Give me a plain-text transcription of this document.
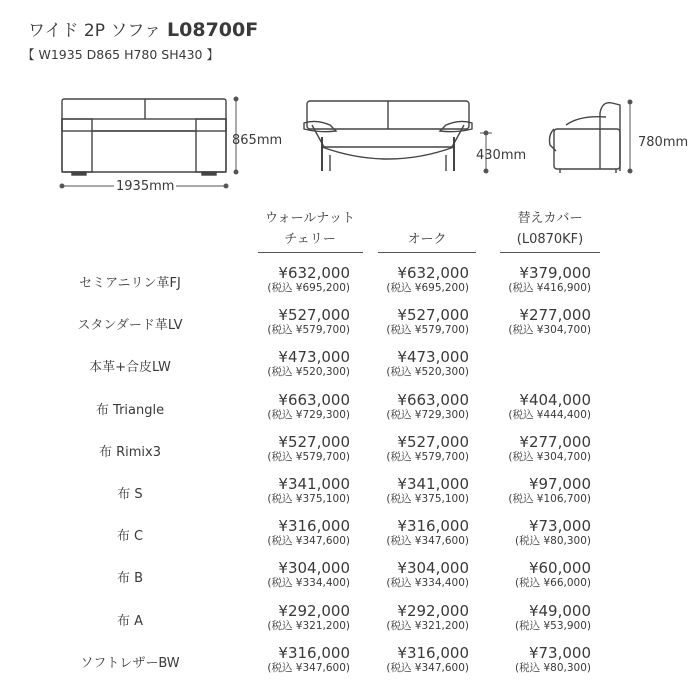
ワイド 2P ソファ L08700F
【 W1935 D865 H780 SH430 】
865mm
1935mm
430mm
780mm
ウォールナット
チェリー	オーク
替えカバー
(L0870KF)
セミアニリン革FJ
¥632,000
(税込 ¥695,200)
¥632,000
(税込 ¥695,200)
¥379,000
(税込 ¥416,900)
スタンダード革LV
¥527,000
(税込 ¥579,700)
¥527,000
(税込 ¥579,700)
¥277,000
(税込 ¥304,700)
本革+合皮LW
¥473,000
(税込 ¥520,300)
¥473,000
(税込 ¥520,300)
布 Triangle
¥663,000
(税込 ¥729,300)
¥663,000
(税込 ¥729,300)
¥404,000
(税込 ¥444,400)
布 Rimix3
¥527,000
(税込 ¥579,700)
¥527,000
(税込 ¥579,700)
¥277,000
(税込 ¥304,700)
布 S
¥341,000
(税込 ¥375,100)
¥341,000
(税込 ¥375,100)
¥97,000
(税込 ¥106,700)
布 C
¥316,000
(税込 ¥347,600)
¥316,000
(税込 ¥347,600)
¥73,000
(税込 ¥80,300)
布 B
¥304,000
(税込 ¥334,400)
¥304,000
(税込 ¥334,400)
¥60,000
(税込 ¥66,000)
布 A
¥292,000
(税込 ¥321,200)
¥292,000
(税込 ¥321,200)
¥49,000
(税込 ¥53,900)
ソフトレザーBW
¥316,000
(税込 ¥347,600)
¥316,000
(税込 ¥347,600)
¥73,000
(税込 ¥80,300)
